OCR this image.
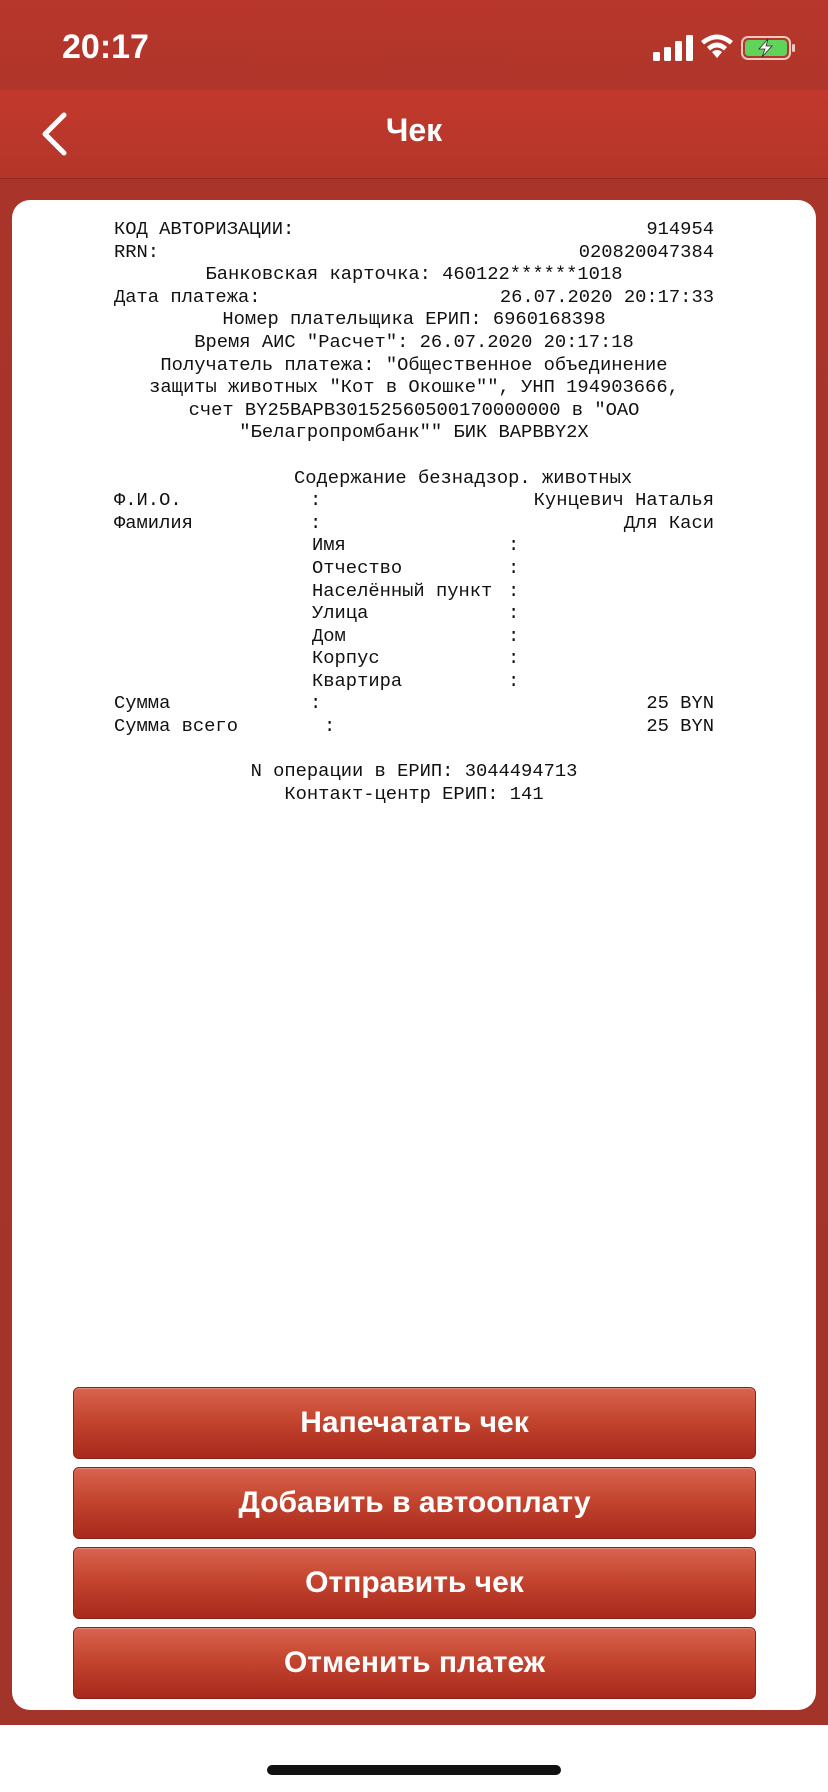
20:17
Чек
КОД АВТОРИЗАЦИИ:	914954
RRN:	020820047384
Банковская карточка: 460122******1018
Дата платежа:	26.07.2020 20:17:33
Номер плательщика ЕРИП: 6960168398
Время АИС "Расчет": 26.07.2020 20:17:18
Получатель платежа: "Общественное объединение
защиты животных "Кот в Окошке"", УНП 194903666,
счет BY25BAPB30152560500170000000 в "ОАО
"Белагропромбанк"" БИК BAPBBY2X
Содержание безнадзор. животных
Ф.И.О.	:	Кунцевич Наталья
Фамилия	:	Для Каси
Имя	:
Отчество	:
Населённый пункт :
Улица	:
Дом	:
Корпус	:
Квартира	:
Сумма	:	25 BYN
Сумма всего	:	25 BYN
N операции в ЕРИП: 3044494713
Контакт-центр ЕРИП: 141
Напечатать чек
Добавить в автооплату
Отправить чек
Отменить платеж
